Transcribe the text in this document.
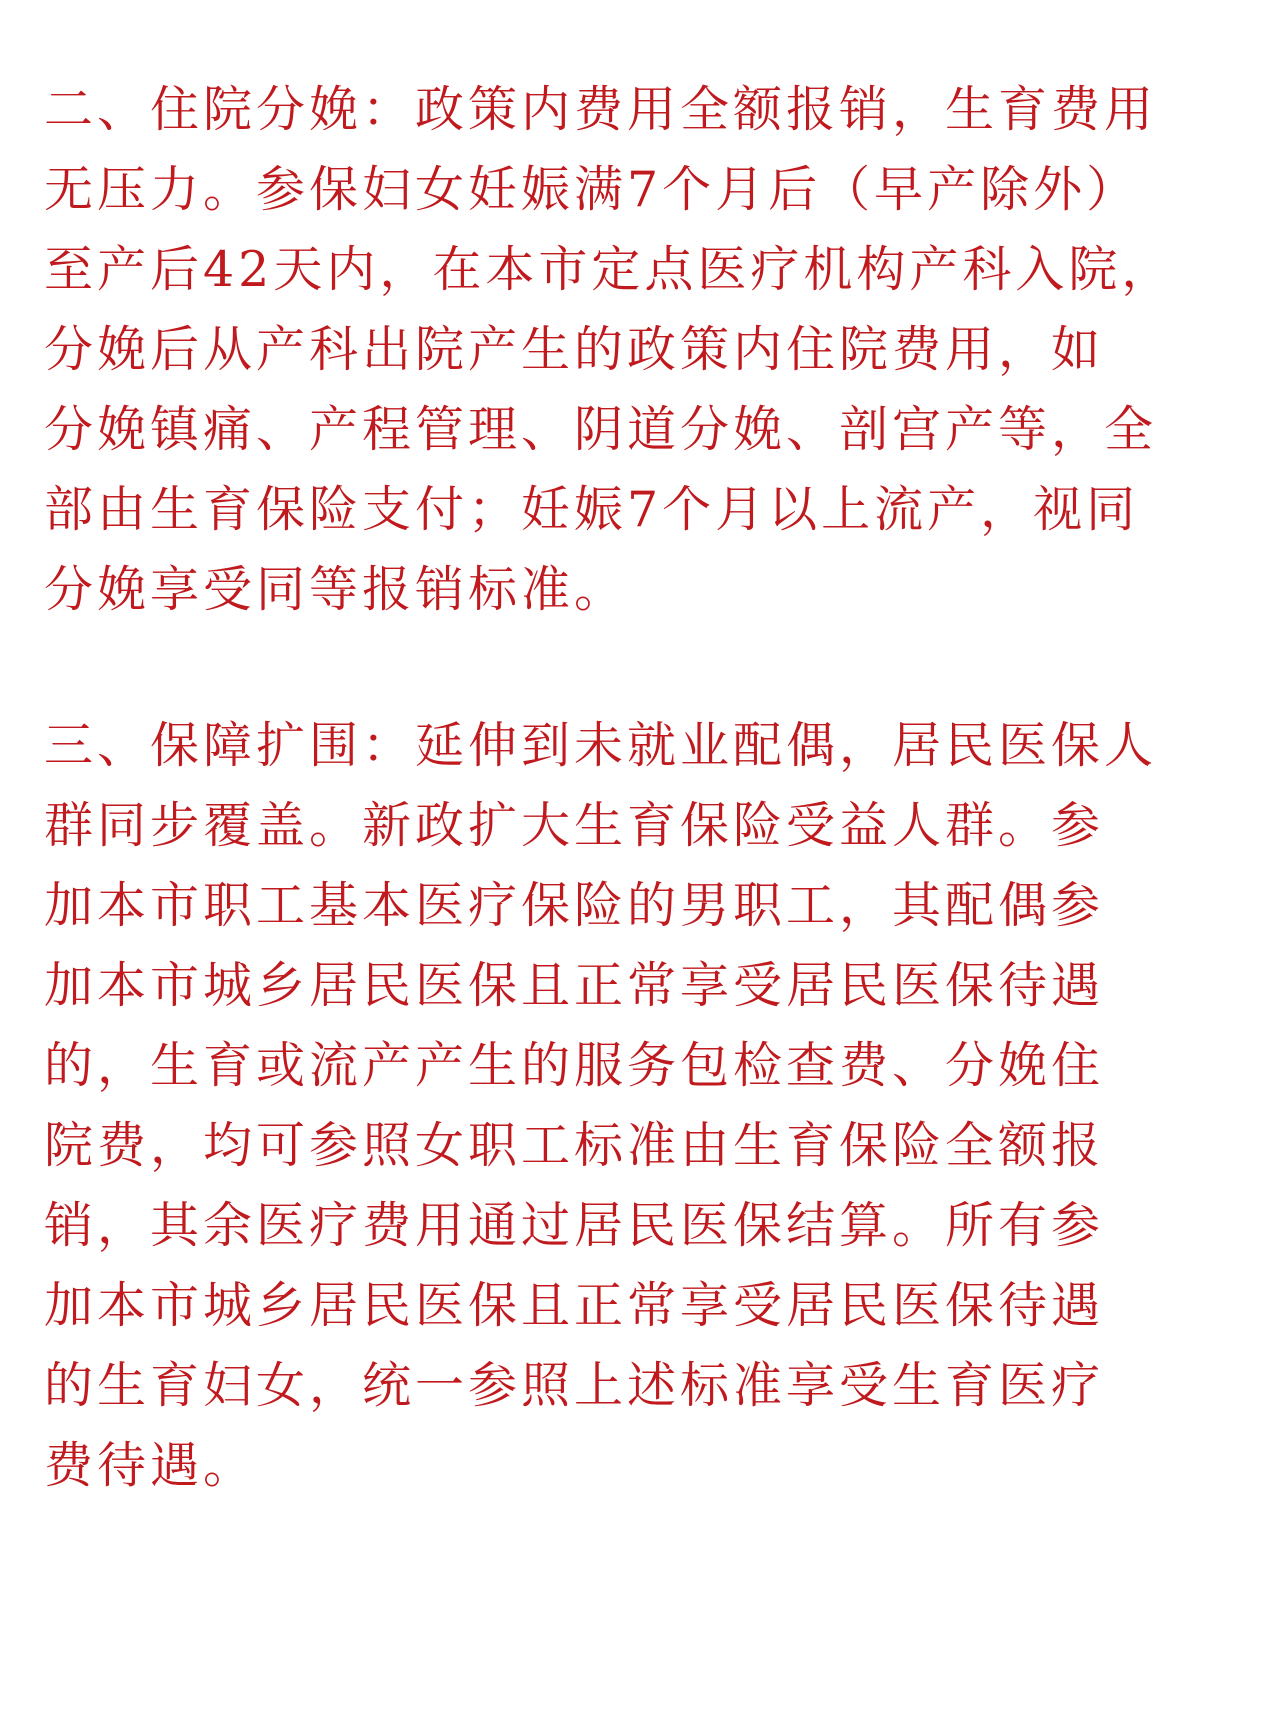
二、住院分娩：政策内费用全额报销，生育费用
无压力。参保妇女妊娠满7个月后（早产除外）
至产后42天内，在本市定点医疗机构产科入院，
分娩后从产科出院产生的政策内住院费用，如
分娩镇痛、产程管理、阴道分娩、剖宫产等，全
部由生育保险支付；妊娠7个月以上流产，视同
分娩享受同等报销标准。
三、保障扩围：延伸到未就业配偶，居民医保人
群同步覆盖。新政扩大生育保险受益人群。参
加本市职工基本医疗保险的男职工，其配偶参
加本市城乡居民医保且正常享受居民医保待遇
的，生育或流产产生的服务包检查费、分娩住
院费，均可参照女职工标准由生育保险全额报
销，其余医疗费用通过居民医保结算。所有参
加本市城乡居民医保且正常享受居民医保待遇
的生育妇女，统一参照上述标准享受生育医疗
费待遇。
